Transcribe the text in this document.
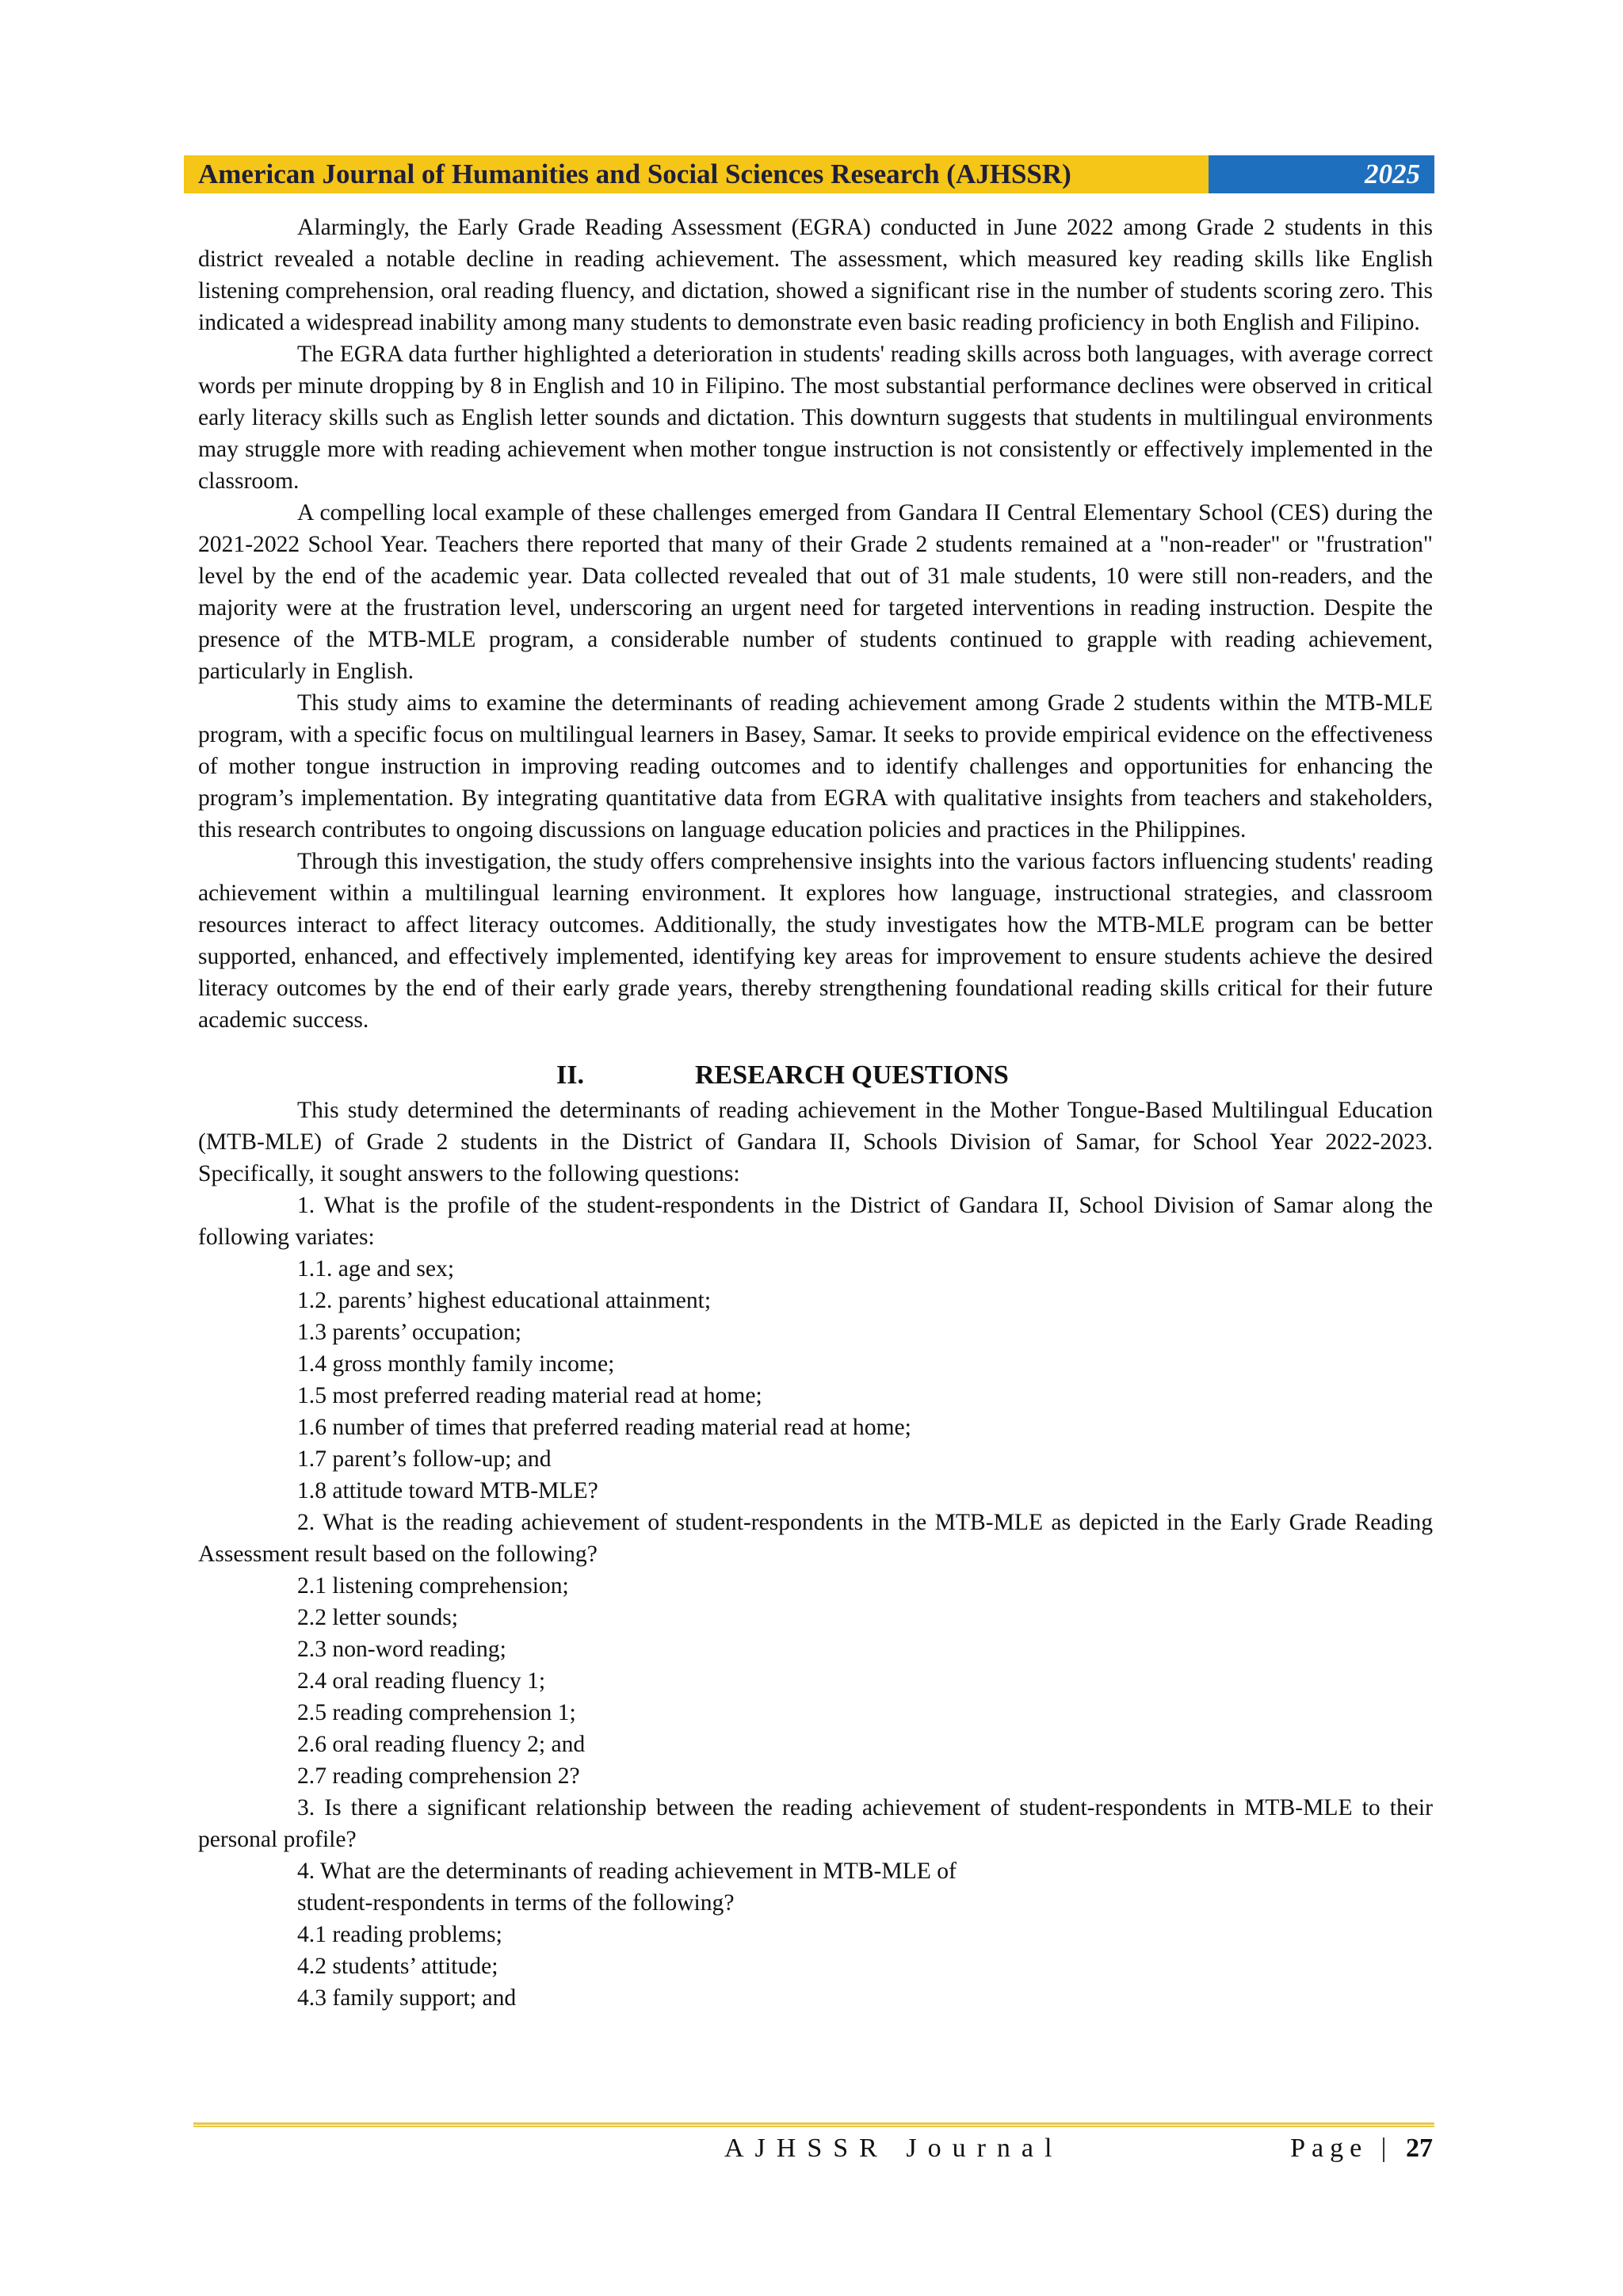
American Journal of Humanities and Social Sciences Research (AJHSSR)	2025

Alarmingly, the Early Grade Reading Assessment (EGRA) conducted in June 2022 among Grade 2 students in this district revealed a notable decline in reading achievement. The assessment, which measured key reading skills like English listening comprehension, oral reading fluency, and dictation, showed a significant rise in the number of students scoring zero. This indicated a widespread inability among many students to demonstrate even basic reading proficiency in both English and Filipino.

The EGRA data further highlighted a deterioration in students' reading skills across both languages, with average correct words per minute dropping by 8 in English and 10 in Filipino. The most substantial performance declines were observed in critical early literacy skills such as English letter sounds and dictation. This downturn suggests that students in multilingual environments may struggle more with reading achievement when mother tongue instruction is not consistently or effectively implemented in the classroom.

A compelling local example of these challenges emerged from Gandara II Central Elementary School (CES) during the 2021-2022 School Year. Teachers there reported that many of their Grade 2 students remained at a "non-reader" or "frustration" level by the end of the academic year. Data collected revealed that out of 31 male students, 10 were still non-readers, and the majority were at the frustration level, underscoring an urgent need for targeted interventions in reading instruction. Despite the presence of the MTB-MLE program, a considerable number of students continued to grapple with reading achievement, particularly in English.

This study aims to examine the determinants of reading achievement among Grade 2 students within the MTB-MLE program, with a specific focus on multilingual learners in Basey, Samar. It seeks to provide empirical evidence on the effectiveness of mother tongue instruction in improving reading outcomes and to identify challenges and opportunities for enhancing the program’s implementation. By integrating quantitative data from EGRA with qualitative insights from teachers and stakeholders, this research contributes to ongoing discussions on language education policies and practices in the Philippines.

Through this investigation, the study offers comprehensive insights into the various factors influencing students' reading achievement within a multilingual learning environment. It explores how language, instructional strategies, and classroom resources interact to affect literacy outcomes. Additionally, the study investigates how the MTB-MLE program can be better supported, enhanced, and effectively implemented, identifying key areas for improvement to ensure students achieve the desired literacy outcomes by the end of their early grade years, thereby strengthening foundational reading skills critical for their future academic success.

II.	RESEARCH QUESTIONS

This study determined the determinants of reading achievement in the Mother Tongue-Based Multilingual Education (MTB-MLE) of Grade 2 students in the District of Gandara II, Schools Division of Samar, for School Year 2022-2023. Specifically, it sought answers to the following questions:

1. What is the profile of the student-respondents in the District of Gandara II, School Division of Samar along the following variates:

1.1. age and sex;

1.2. parents’ highest educational attainment;

1.3 parents’ occupation;

1.4 gross monthly family income;

1.5 most preferred reading material read at home;

1.6 number of times that preferred reading material read at home;

1.7 parent’s follow-up; and

1.8 attitude toward MTB-MLE?

2. What is the reading achievement of student-respondents in the MTB-MLE as depicted in the Early Grade Reading Assessment result based on the following?

2.1 listening comprehension;

2.2 letter sounds;

2.3 non-word reading;

2.4 oral reading fluency 1;

2.5 reading comprehension 1;

2.6 oral reading fluency 2; and

2.7 reading comprehension 2?

3. Is there a significant relationship between the reading achievement of student-respondents in MTB-MLE to their personal profile?

4. What are the determinants of reading achievement in MTB-MLE of

student-respondents in terms of the following?

4.1 reading problems;

4.2 students’ attitude;

4.3 family support; and

AJHSSR Journal	Page | 27
